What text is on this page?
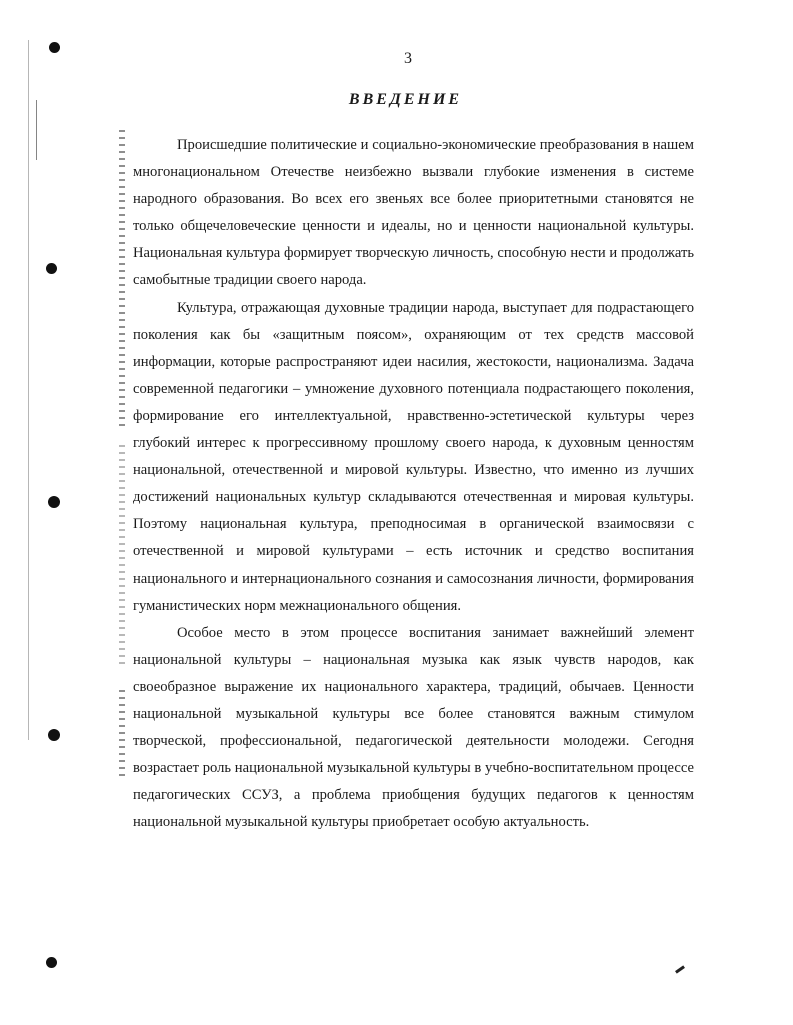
3
ВВЕДЕНИЕ

Происшедшие политические и социально-экономические преобразования в нашем многонациональном Отечестве неизбежно вызвали глубокие изменения в системе народного образования. Во всех его звеньях все более приоритетными становятся не только общечеловеческие ценности и идеалы, но и ценности национальной культуры. Национальная культура формирует творческую личность, способную нести и продолжать самобытные традиции своего народа.

Культура, отражающая духовные традиции народа, выступает для подрастающего поколения как бы «защитным поясом», охраняющим от тех средств массовой информации, которые распространяют идеи насилия, жестокости, национализма. Задача современной педагогики – умножение духовного потенциала подрастающего поколения, формирование его интеллектуальной, нравственно-эстетической культуры через глубокий интерес к прогрессивному прошлому своего народа, к духовным ценностям национальной, отечественной и мировой культуры. Известно, что именно из лучших достижений национальных культур складываются отечественная и мировая культуры. Поэтому национальная культура, преподносимая в органической взаимосвязи с отечественной и мировой культурами – есть источник и средство воспитания национального и интернационального сознания и самосознания личности, формирования гуманистических норм межнационального общения.

Особое место в этом процессе воспитания занимает важнейший элемент национальной культуры – национальная музыка как язык чувств народов, как своеобразное выражение их национального характера, традиций, обычаев. Ценности национальной музыкальной культуры все более становятся важным стимулом творческой, профессиональной, педагогической деятельности молодежи. Сегодня возрастает роль национальной музыкальной культуры в учебно-воспитательном процессе педагогических ССУЗ, а проблема приобщения будущих педагогов к ценностям национальной музыкальной культуры приобретает особую актуальность.
